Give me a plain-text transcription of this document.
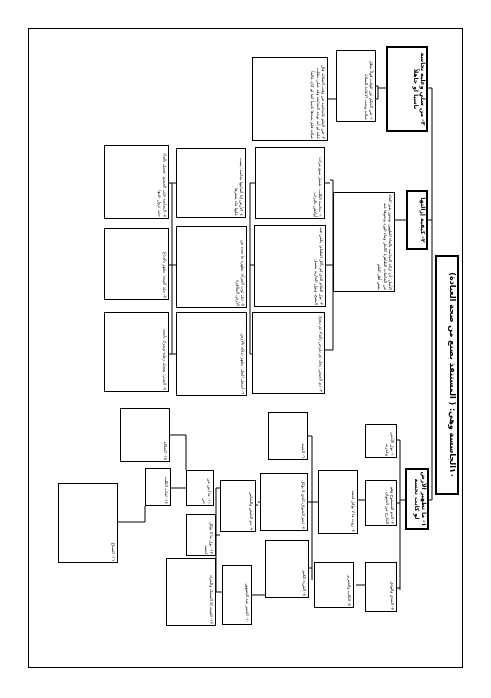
١٠الجاسسة وهي: ( المستنفذ بصنع من صحة العبادة)
٣- من صلى وعليه نجاسة ناسياً او جاهلاً
١- في الحكم عن الوقت قولاً تبطل صلاته ويجب الاعادة للصلاة
٢- في العلم بالنجاسة في وقت الصلاة، قال عليه لو أنه توجه النجاسة وقد صلى بطلت صلاته فلم يعيدها ناسياً كما لو كان عالماً
٢- كيفية إزالتها
الأصل: أن ازالة النجاسة بالماء الطهور، ويجوز بغير الماء من المائعات الطاهرة كالخل وماء الورد ونحوها عند بعض أهل العلم
١- نجاسة الكلب: تغسل سبع مرات أولاهن بالتراب
٢- بول الغلام الذي لم يأكل الطعام: يكفي فيه النضح، وبول الجارية يغسل
٣- دم الحيض: يحك ثم يقرص بالماء ثم ينضح
٤- الأرض إذا أصابتها نجاسة: يصب عليها ماء يغمرها
٥- ذيل ثوب المرأة: يطهره ما بعده من الأرض الطاهرة
٦- أسفل النعل: يطهر بدلكه بالأرض
٧- النجاسة على الجسم: تغسل بالماء حتى تزول عينها
٨- جلد الميتة: يطهر بالدباغ
٩- المني: يغسل رطبه ويفرك يابسه
١- ما تطهير الأرض لو كانت نجسة
١- بول الآدمي وعذرته
٢- الدم المسفوح وهو الخارج من الحيوان
٣- المذي والودي
٤- روث ما لا يؤكل لحمه
٥- الكلب والخنزير
٦- الميتة
٧- لحم الحيوان الذي لا يؤكل
٨- القيء الكثير
٩- دم الحيض والنفاس
١٠- الخمر عند الجمهور
١١- ما أبين من حي
١٢- بول ما لا يؤكل لحمه
١٣- الميتة إلا السمك والجراد
١٤- لعاب الكلب
١٥- الجلالة
١٦- السباع
